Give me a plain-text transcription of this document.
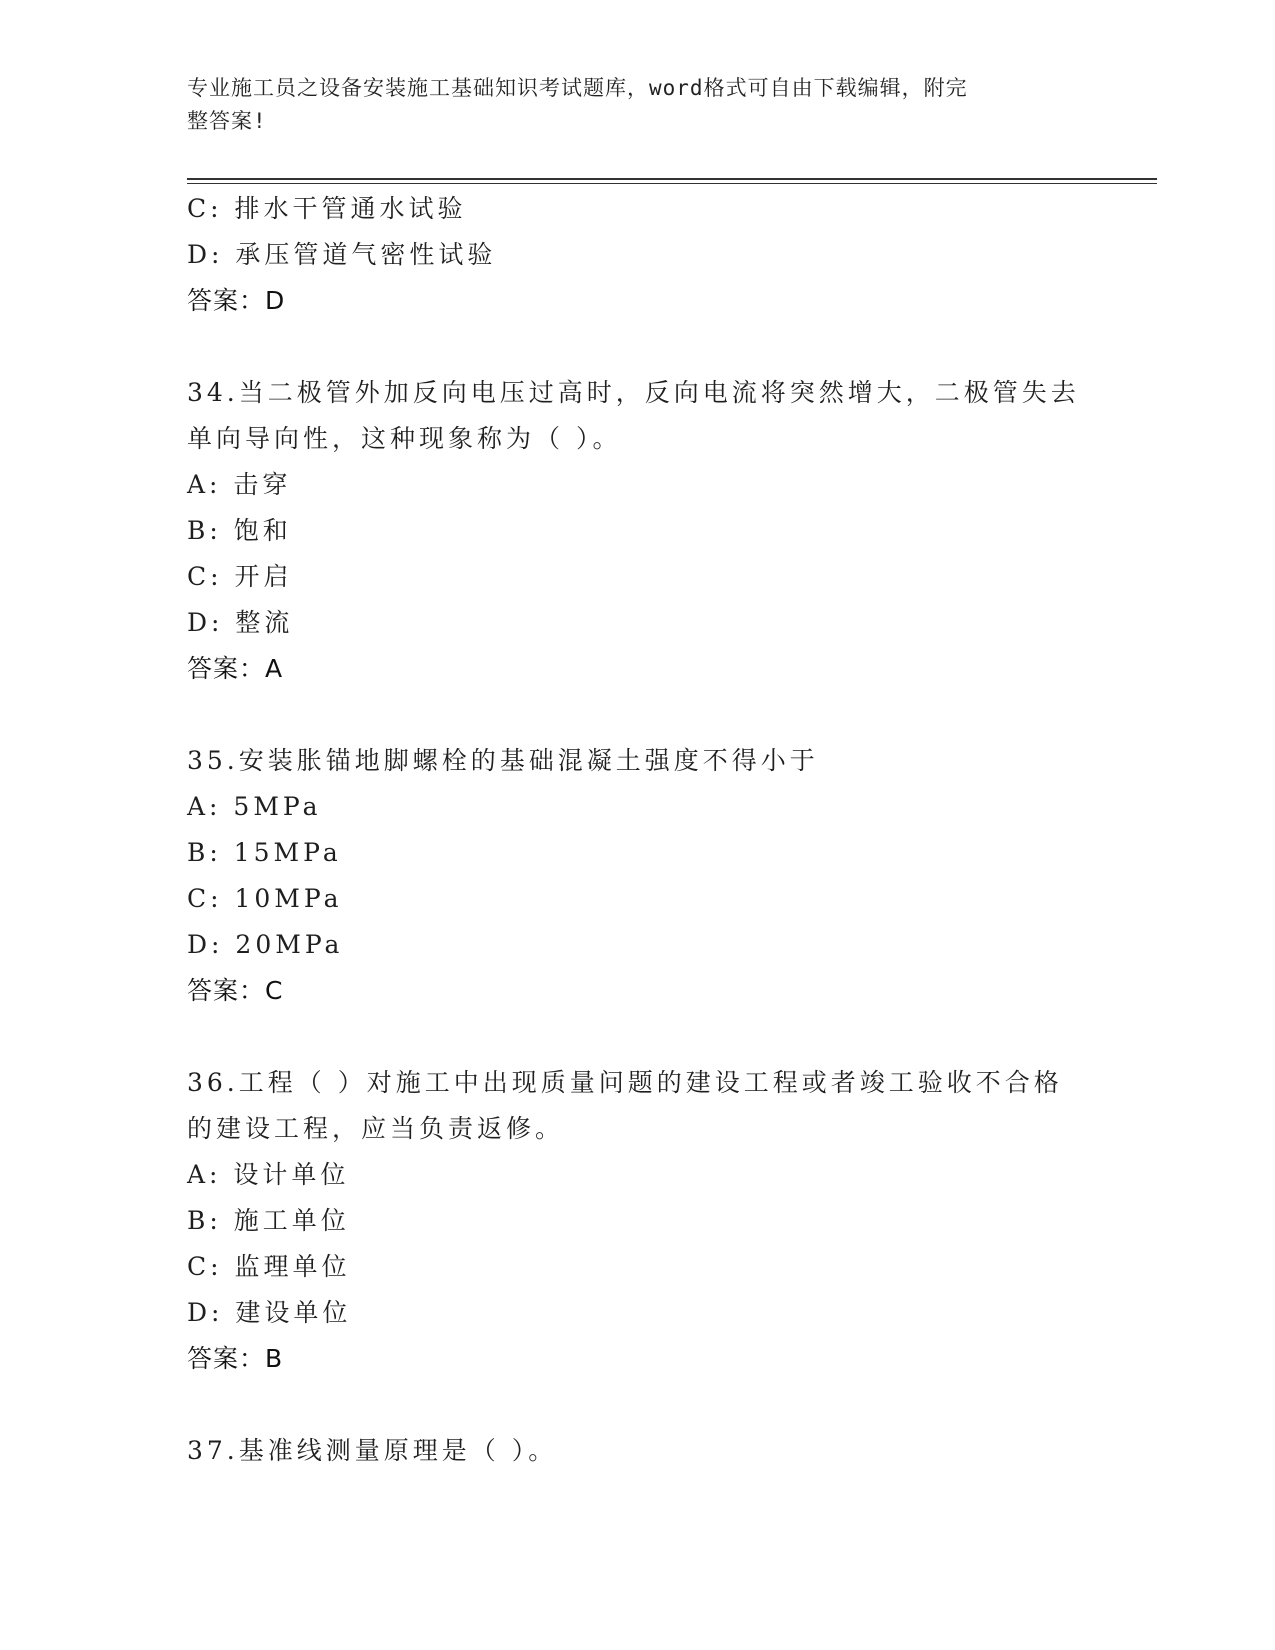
专业施工员之设备安装施工基础知识考试题库，word格式可自由下载编辑，附完
整答案!
C: 排水干管通水试验
D: 承压管道气密性试验
答案：D
34.当二极管外加反向电压过高时，反向电流将突然增大，二极管失去
单向导向性，这种现象称为（ ）。
A: 击穿
B: 饱和
C: 开启
D: 整流
答案：A
35.安装胀锚地脚螺栓的基础混凝土强度不得小于
A: 5MPa
B: 15MPa
C: 10MPa
D: 20MPa
答案：C
36.工程（ ）对施工中出现质量问题的建设工程或者竣工验收不合格
的建设工程，应当负责返修。
A: 设计单位
B: 施工单位
C: 监理单位
D: 建设单位
答案：B
37.基准线测量原理是（ ）。
